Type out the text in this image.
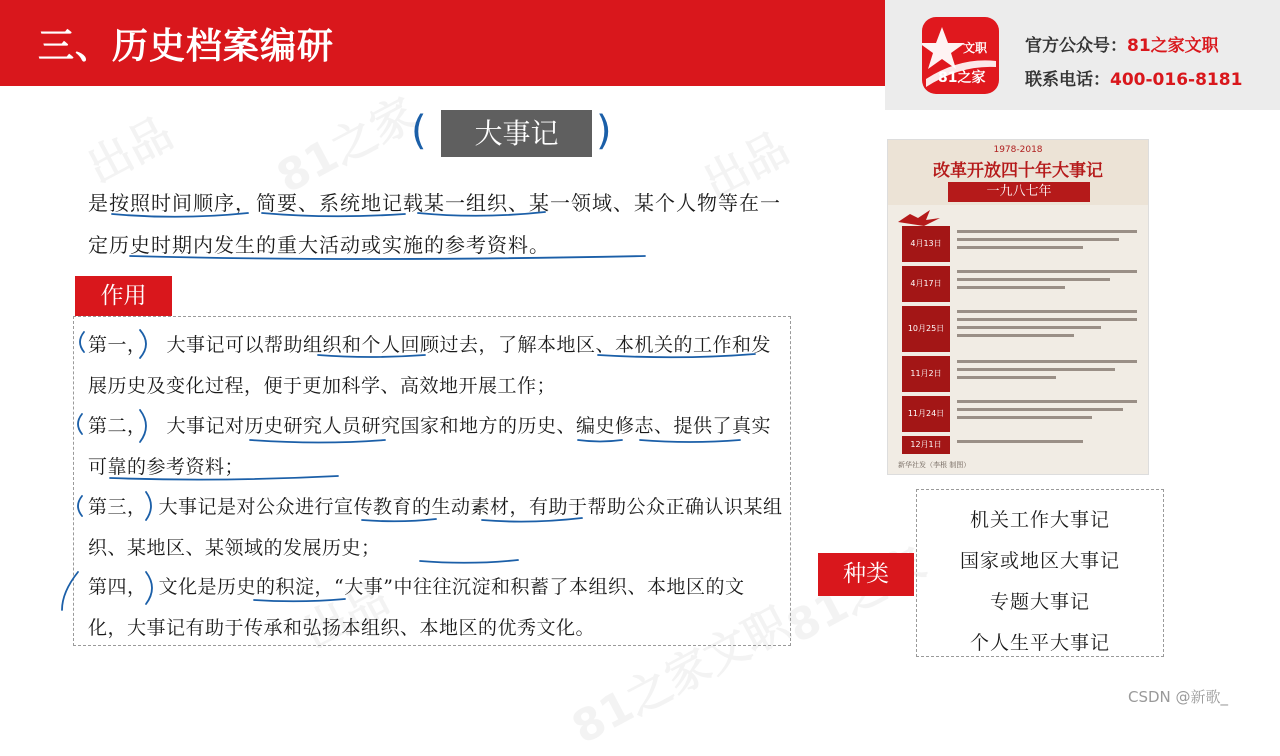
三、历史档案编研	文职
81之家
官方公众号：81之家文职
联系电话：400-016-8181
(	大事记 )
是按照时间顺序，简要、系统地记载某一组织、某一领域、某个人物等在一定历史时期内发生的重大活动或实施的参考资料。
作用
第一， 大事记可以帮助组织和个人回顾过去，了解本地区、本机关的工作和发展历史及变化过程，便于更加科学、高效地开展工作；
第二， 大事记对历史研究人员研究国家和地方的历史、编史修志、提供了真实可靠的参考资料；
第三， 大事记是对公众进行宣传教育的生动素材，有助于帮助公众正确认识某组织、某地区、某领域的发展历史；
第四， 文化是历史的积淀，“大事”中往往沉淀和积蓄了本组织、本地区的文化，大事记有助于传承和弘扬本组织、本地区的优秀文化。
1978-2018
改革开放四十年大事记
一九八七年
4月13日
4月17日
10月25日
11月2日
11月24日
12月1日
新华社发（李根 制图）
种类
机关工作大事记
国家或地区大事记
专题大事记
个人生平大事记
CSDN @新歌_
